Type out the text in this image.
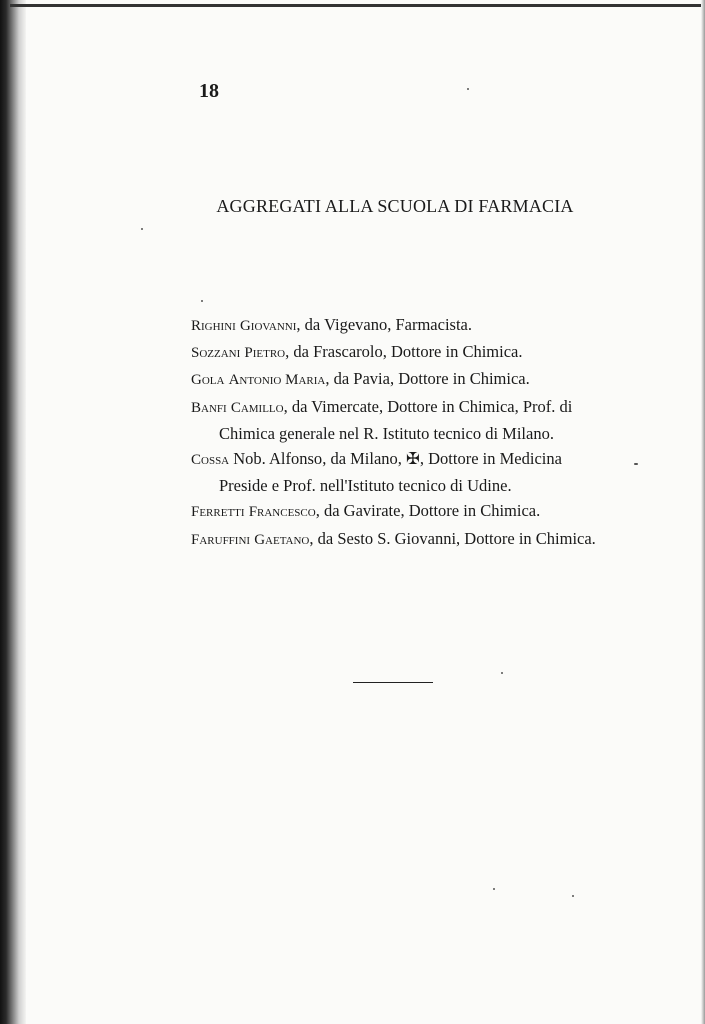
18
AGGREGATI ALLA SCUOLA DI FARMACIA

Righini Giovanni, da Vigevano, Farmacista.

Sozzani Pietro, da Frascarolo, Dottore in Chimica.

Gola Antonio Maria, da Pavia, Dottore in Chimica.

Banfi Camillo, da Vimercate, Dottore in Chimica, Prof. di Chimica generale nel R. Istituto tecnico di Milano.

Cossa Nob. Alfonso, da Milano, ✠, Dottore in Medicina Preside e Prof. nell'Istituto tecnico di Udine.

Ferretti Francesco, da Gavirate, Dottore in Chimica.

Faruffini Gaetano, da Sesto S. Giovanni, Dottore in Chimica.
